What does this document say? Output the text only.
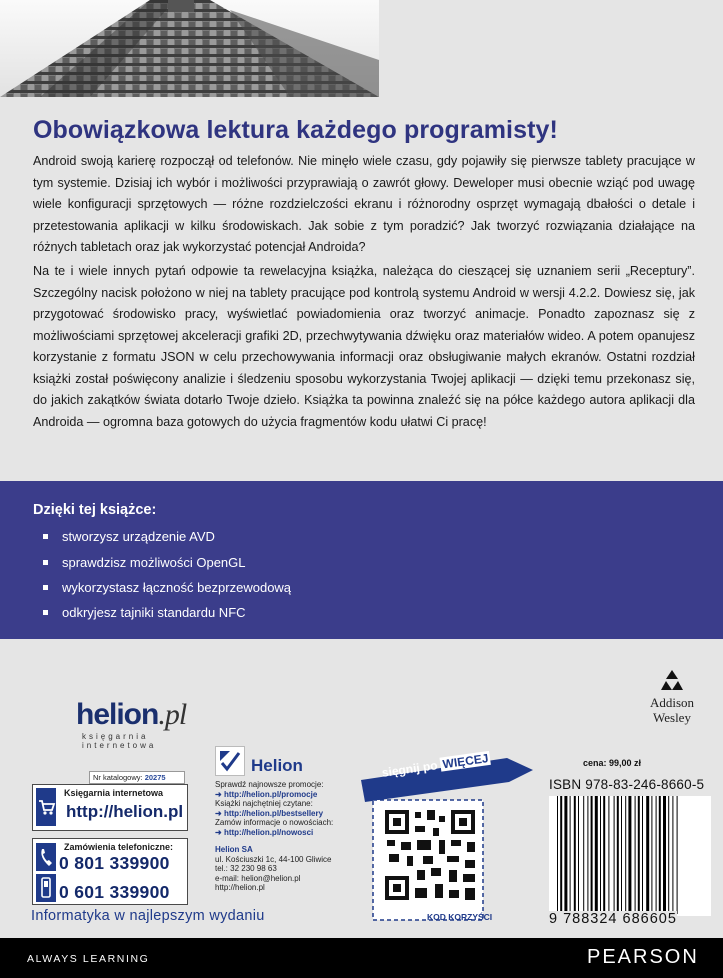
Obowiązkowa lektura każdego programisty!

Android swoją karierę rozpoczął od telefonów. Nie minęło wiele czasu, gdy pojawiły się pierwsze tablety pracujące w tym systemie. Dzisiaj ich wybór i możliwości przyprawiają o zawrót głowy. Deweloper musi obecnie wziąć pod uwagę wiele konfiguracji sprzętowych — różne rozdzielczości ekranu i różnorodny osprzęt wymagają dbałości o detale i przetestowania aplikacji w kilku środowiskach. Jak sobie z tym poradzić? Jak tworzyć rozwiązania działające na różnych tabletach oraz jak wykorzystać potencjał Androida?

Na te i wiele innych pytań odpowie ta rewelacyjna książka, należąca do cieszącej się uznaniem serii „Receptury”. Szczególny nacisk położono w niej na tablety pracujące pod kontrolą systemu Android w wersji 4.2.2. Dowiesz się, jak przygotować środowisko pracy, wyświetlać powiadomienia oraz tworzyć animacje. Ponadto zapoznasz się z możliwościami sprzętowej akceleracji grafiki 2D, przechwytywania dźwięku oraz materiałów wideo. A potem opanujesz korzystanie z formatu JSON w celu przechowywania informacji oraz obsługiwanie małych ekranów. Ostatni rozdział książki został poświęcony analizie i śledzeniu sposobu wykorzystania Twojej aplikacji — dzięki temu przekonasz się, do jakich zakątków świata dotarło Twoje dzieło. Książka ta powinna znaleźć się na półce każdego autora aplikacji dla Androida — ogromna baza gotowych do użycia fragmentów kodu ułatwi Ci pracę!

Dzięki tej książce:
stworzysz urządzenie AVD
sprawdzisz możliwości OpenGL
wykorzystasz łączność bezprzewodową
odkryjesz tajniki standardu NFC
Addison
Wesley
helion.pl
księgarnia
internetowa
Nr katalogowy: 20275
Księgarnia internetowa
http://helion.pl
Zamówienia telefoniczne:
0 801 339900
0 601 339900
Informatyka w najlepszym wydaniu
Helion
Sprawdź najnowsze promocje:
➜ http://helion.pl/promocje
Książki najchętniej czytane:
➜ http://helion.pl/bestsellery
Zamów informacje o nowościach:
➜ http://helion.pl/nowosci
Helion SA
ul. Kościuszki 1c, 44-100 Gliwice
tel.: 32 230 98 63
e-mail: helion@helion.pl
http://helion.pl
sięgnij po WIĘCEJ
KOD KORZYŚCI
cena: 99,00 zł
ISBN 978-83-246-8660-5
9 788324 686605
ALWAYS LEARNING	PEARSON
